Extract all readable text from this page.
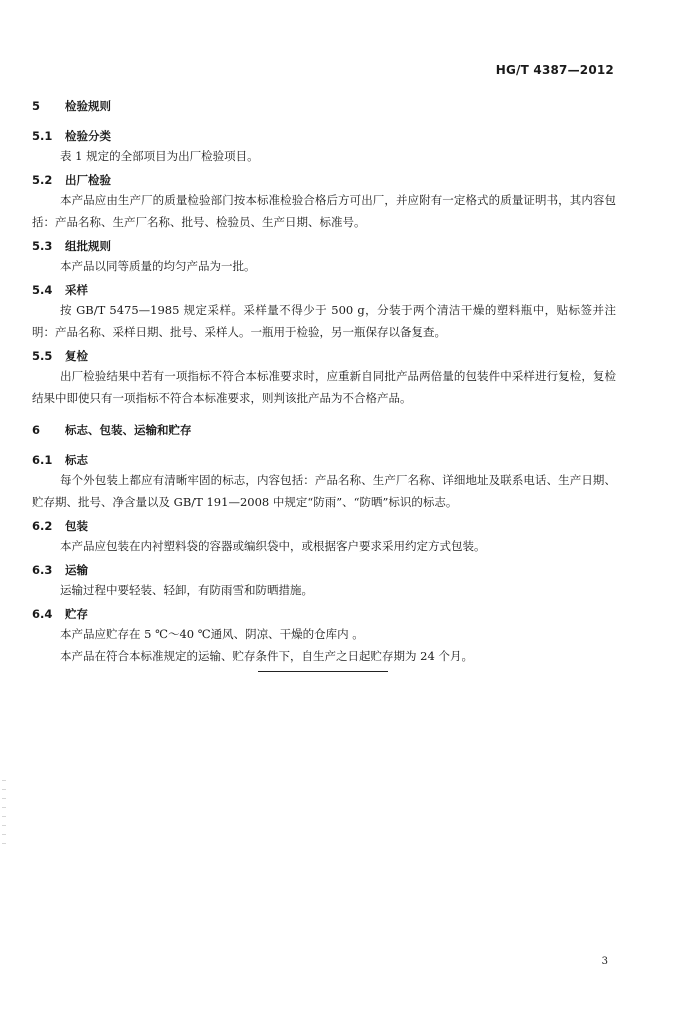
HG/T 4387—2012
5 检验规则
5.1 检验分类
表 1 规定的全部项目为出厂检验项目。
5.2 出厂检验
本产品应由生产厂的质量检验部门按本标准检验合格后方可出厂，并应附有一定格式的质量证明书，其内容包括：产品名称、生产厂名称、批号、检验员、生产日期、标准号。
5.3 组批规则
本产品以同等质量的均匀产品为一批。
5.4 采样
按 GB/T 5475—1985 规定采样。采样量不得少于 500 g，分装于两个清洁干燥的塑料瓶中，贴标签并注明：产品名称、采样日期、批号、采样人。一瓶用于检验，另一瓶保存以备复查。
5.5 复检
出厂检验结果中若有一项指标不符合本标准要求时，应重新自同批产品两倍量的包装件中采样进行复检，复检结果中即使只有一项指标不符合本标准要求，则判该批产品为不合格产品。
6 标志、包装、运输和贮存
6.1 标志
每个外包装上都应有清晰牢固的标志，内容包括：产品名称、生产厂名称、详细地址及联系电话、生产日期、贮存期、批号、净含量以及 GB/T 191—2008 中规定“防雨”、“防晒”标识的标志。
6.2 包装
本产品应包装在内衬塑料袋的容器或编织袋中，或根据客户要求采用约定方式包装。
6.3 运输
运输过程中要轻装、轻卸，有防雨雪和防晒措施。
6.4 贮存
本产品应贮存在 5 ℃～40 ℃通风、阴凉、干燥的仓库内 。
本产品在符合本标准规定的运输、贮存条件下，自生产之日起贮存期为 24 个月。
3
